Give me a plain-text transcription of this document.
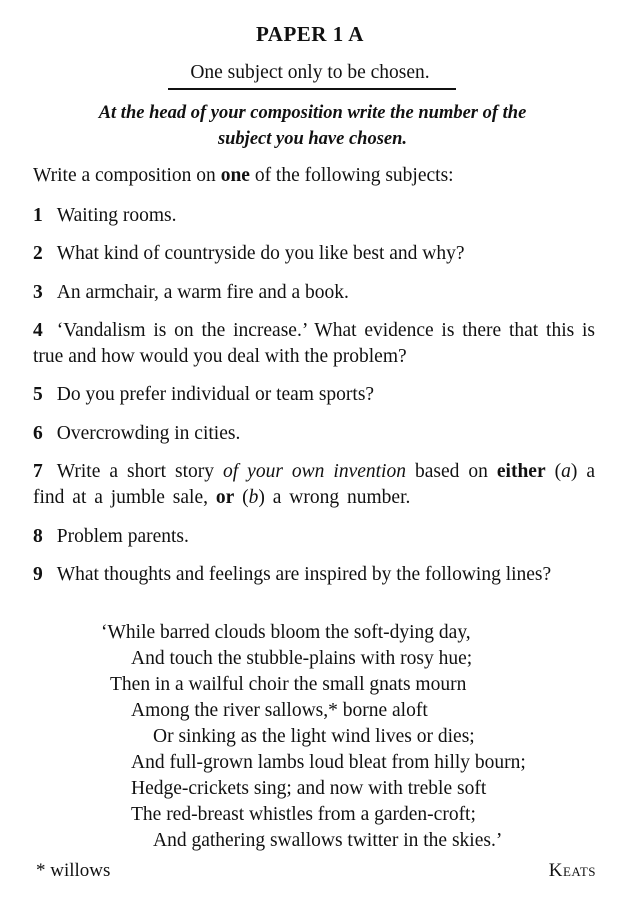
PAPER 1 A
One subject only to be chosen.
At the head of your composition write the number of the
subject you have chosen.
Write a composition on one of the following subjects:
1 Waiting rooms.
2 What kind of countryside do you like best and why?
3 An armchair, a warm fire and a book.
4 ‘Vandalism is on the increase.’ What evidence is there that this is true and how would you deal with the problem?
5 Do you prefer individual or team sports?
6 Overcrowding in cities.
7 Write a short story of your own invention based on either (a) a find at a jumble sale, or (b) a wrong number.
8 Problem parents.
9 What thoughts and feelings are inspired by the following lines?
‘While barred clouds bloom the soft-dying day,
And touch the stubble-plains with rosy hue;
Then in a wailful choir the small gnats mourn
Among the river sallows,* borne aloft
Or sinking as the light wind lives or dies;
And full-grown lambs loud bleat from hilly bourn;
Hedge-crickets sing; and now with treble soft
The red-breast whistles from a garden-croft;
And gathering swallows twitter in the skies.’
* willows	Keats
